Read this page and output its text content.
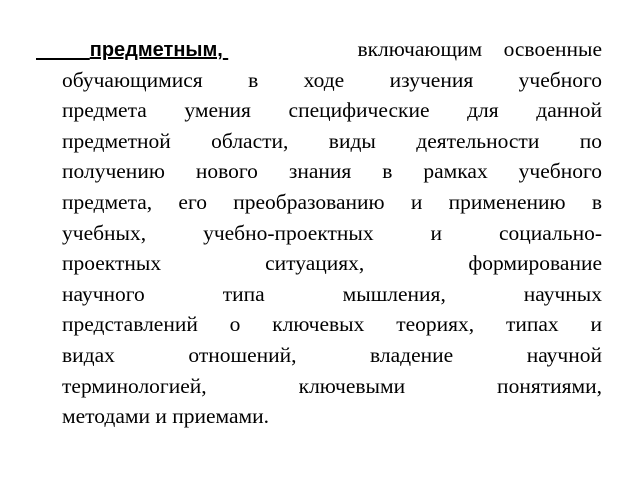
предметным,	включающим    освоенные
обучающимися в ходе изучения учебного
предмета умения специфические для данной
предметной области, виды деятельности по
получению нового знания в рамках учебного
предмета, его преобразованию и применению в
учебных, учебно-проектных и социально-
проектных ситуациях, формирование
научного типа мышления, научных
представлений о ключевых теориях, типах и
видах отношений, владение научной
терминологией, ключевыми понятиями,
методами и приемами.
